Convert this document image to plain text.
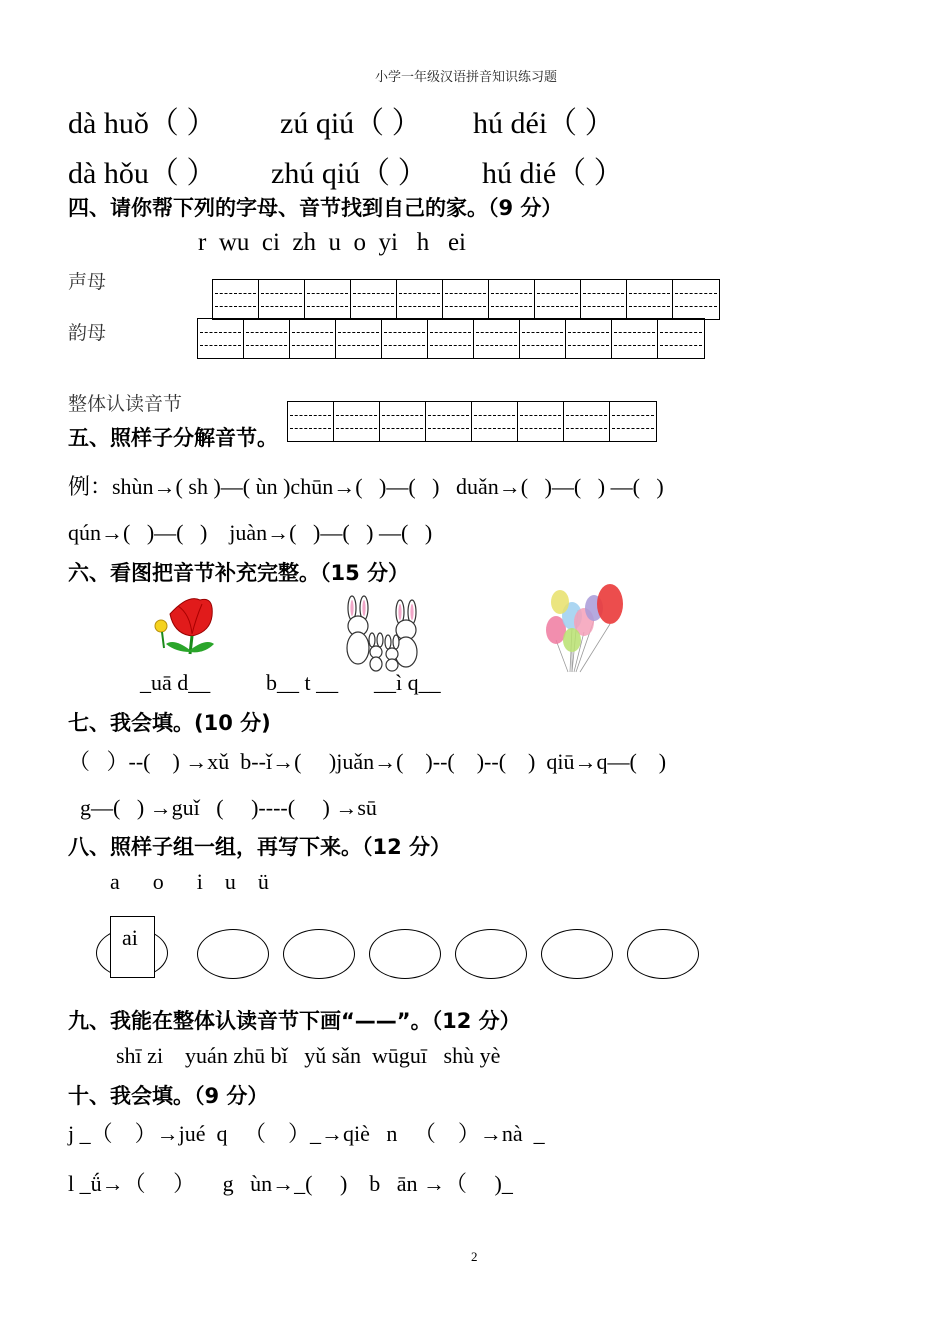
小学一年级汉语拼音知识练习题
dà huǒ（ ） zú qiú（ ） hú déi（ ）
dà hǒu（ ） zhú qiú（ ） hú dié（ ）
四、请你帮下列的字母、音节找到自己的家。（9 分）
r  wu  ci  zh  u  o  yi   h   ei
声母
韵母
整体认读音节
五、照样子分解音节。
例：shùn→( sh )—( ùn )chūn→(   )—(   )   duǎn→(   )—(   ) —(   )
qún→(   )—(   )    juàn→(   )—(   ) —(   )
六、看图把音节补充完整。（15 分）
_uā d__	b__ t __ __ì q__
七、我会填。(10 分)
（   ）--(    ) →xǔ  b--ǐ→(     )juǎn→(    )--(    )--(    )  qiū→q—(    )
g—(   ) →guǐ   (     )----(     ) →sū
八、照样子组一组，再写下来。（12 分）
a      o      i    u    ü
ai
九、我能在整体认读音节下画“——”。（12 分）
shī zi    yuán zhū bǐ   yǔ sǎn  wūguī   shù yè
十、我会填。（9 分）
j _（    ）→jué  q   （    ）_→qiè   n   （    ）→nà  _
l _ǘ→（     ）     g   ùn→_(     )    b   ān →（     )_
2
